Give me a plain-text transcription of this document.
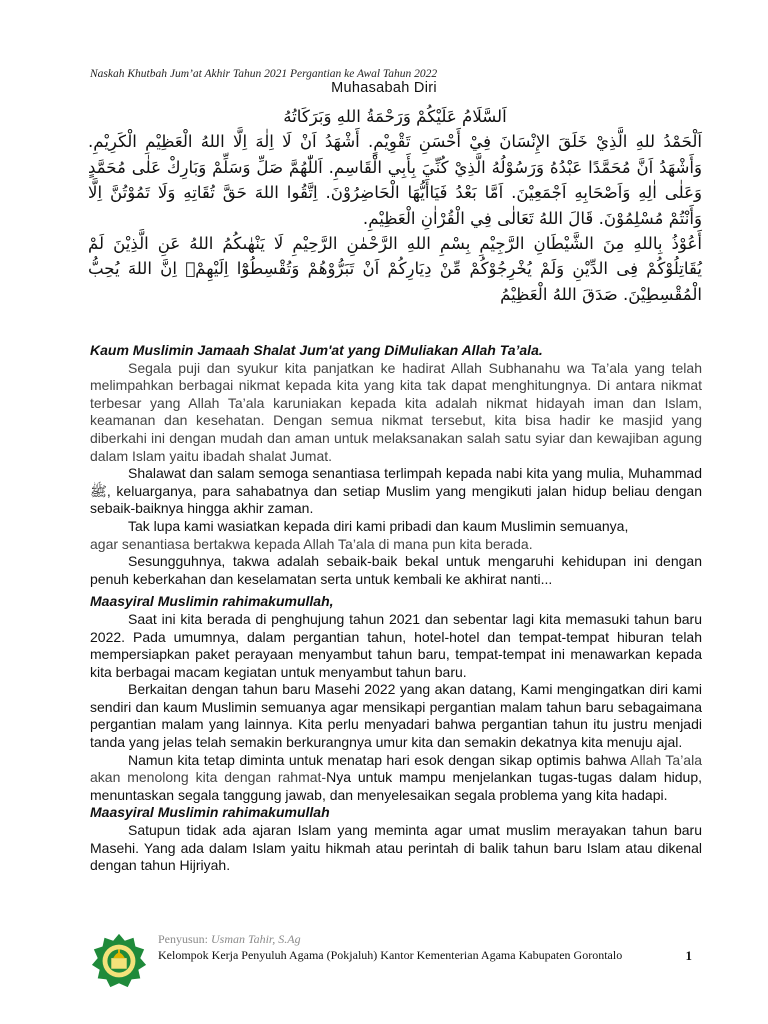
Naskah Khutbah Jum’at Akhir Tahun 2021 Pergantian ke Awal Tahun 2022
Muhasabah Diri

اَلسَّلَامُ عَلَيْكُمْ وَرَحْمَةُ اللهِ وَبَرَكَاتُهُ

اَلْحَمْدُ للهِ الَّذِيْ خَلَقَ الإِنْسَانَ فِيْ أَحْسَنِ تَقْوِيْمٍ. أَشْهَدُ اَنْ لَا اِلٰهَ اِلَّا اللهُ الْعَظِيْمِ الْكَرِيْمِ. وَأَشْهَدُ اَنَّ مُحَمَّدًا عَبْدُهُ وَرَسُوْلُهُ الَّذِيْ كُنِّيَ بِأَبِي الْقَاسِمِ. اَللّٰهُمَّ صَلِّ وَسَلِّمْ وَبَارِكْ عَلٰى مُحَمَّدٍ وَعَلٰى اٰلِهِ وَاَصْحَابِهِ اَجْمَعِيْنَ. اَمَّا بَعْدُ فَيَاأَيُّهَا الْحَاضِرُوْنَ. اِتَّقُوا اللهَ حَقَّ تُقَاتِهِ وَلَا تَمُوْتُنَّ اِلَّا وَأَنْتُمْ مُسْلِمُوْنَ. قَالَ اللهُ تَعَالٰى فِي الْقُرْاٰنِ الْعَظِيْمِ.

أَعُوْذُ بِاللهِ مِنَ الشَّيْطَانِ الرَّجِيْمِ بِسْمِ اللهِ الرَّحْمٰنِ الرَّحِيْمِ لَا يَنْهٰىكُمُ اللهُ عَنِ الَّذِيْنَ لَمْ يُقَاتِلُوْكُمْ فِى الدِّيْنِ وَلَمْ يُخْرِجُوْكُمْ مِّنْ دِيَارِكُمْ اَنْ تَبَرُّوْهُمْ وَتُقْسِطُوْٓا اِلَيْهِمْۗ اِنَّ اللهَ يُحِبُّ الْمُقْسِطِيْنَ. صَدَقَ اللهُ الْعَظِيْمُ

Kaum Muslimin Jamaah Shalat Jum'at yang DiMuliakan Allah Ta’ala.

Segala puji dan syukur kita panjatkan ke hadirat Allah Subhanahu wa Ta’ala yang telah melimpahkan berbagai nikmat kepada kita yang kita tak dapat menghitungnya. Di antara nikmat terbesar yang Allah Ta’ala karuniakan kepada kita adalah nikmat hidayah iman dan Islam, keamanan dan kesehatan. Dengan semua nikmat tersebut, kita bisa hadir ke masjid yang diberkahi ini dengan mudah dan aman untuk melaksanakan salah satu syiar dan kewajiban agung dalam Islam yaitu ibadah shalat Jumat.

Shalawat dan salam semoga senantiasa terlimpah kepada nabi kita yang mulia, Muhammad ﷺ, keluarganya, para sahabatnya dan setiap Muslim yang mengikuti jalan hidup beliau dengan sebaik-baiknya hingga akhir zaman.

Tak lupa kami wasiatkan kepada diri kami pribadi dan kaum Muslimin semuanya,

agar senantiasa bertakwa kepada Allah Ta’ala di mana pun kita berada.

Sesungguhnya, takwa adalah sebaik-baik bekal untuk mengaruhi kehidupan ini dengan penuh keberkahan dan keselamatan serta untuk kembali ke akhirat nanti...

Maasyiral Muslimin rahimakumullah,

Saat ini kita berada di penghujung tahun 2021 dan sebentar lagi kita memasuki tahun baru 2022. Pada umumnya, dalam pergantian tahun, hotel-hotel dan tempat-tempat hiburan telah mempersiapkan paket perayaan menyambut tahun baru, tempat-tempat ini menawarkan kepada kita berbagai macam kegiatan untuk menyambut tahun baru.

Berkaitan dengan tahun baru Masehi 2022 yang akan datang, Kami mengingatkan diri kami sendiri dan kaum Muslimin semuanya agar mensikapi pergantian malam tahun baru sebagaimana pergantian malam yang lainnya. Kita perlu menyadari bahwa pergantian tahun itu justru menjadi tanda yang jelas telah semakin berkurangnya umur kita dan semakin dekatnya kita menuju ajal.

Namun kita tetap diminta untuk menatap hari esok dengan sikap optimis bahwa Allah Ta’ala akan menolong kita dengan rahmat-Nya untuk mampu menjelankan tugas-tugas dalam hidup, menuntaskan segala tanggung jawab, dan menyelesaikan segala problema yang kita hadapi.

Maasyiral Muslimin rahimakumullah

Satupun tidak ada ajaran Islam yang meminta agar umat muslim merayakan tahun baru Masehi. Yang ada dalam Islam yaitu hikmah atau perintah di balik tahun baru Islam atau dikenal dengan tahun Hijriyah.

Penyusun: Usman Tahir, S.Ag
Kelompok Kerja Penyuluh Agama (Pokjaluh) Kantor Kementerian Agama Kabupaten Gorontalo	1
